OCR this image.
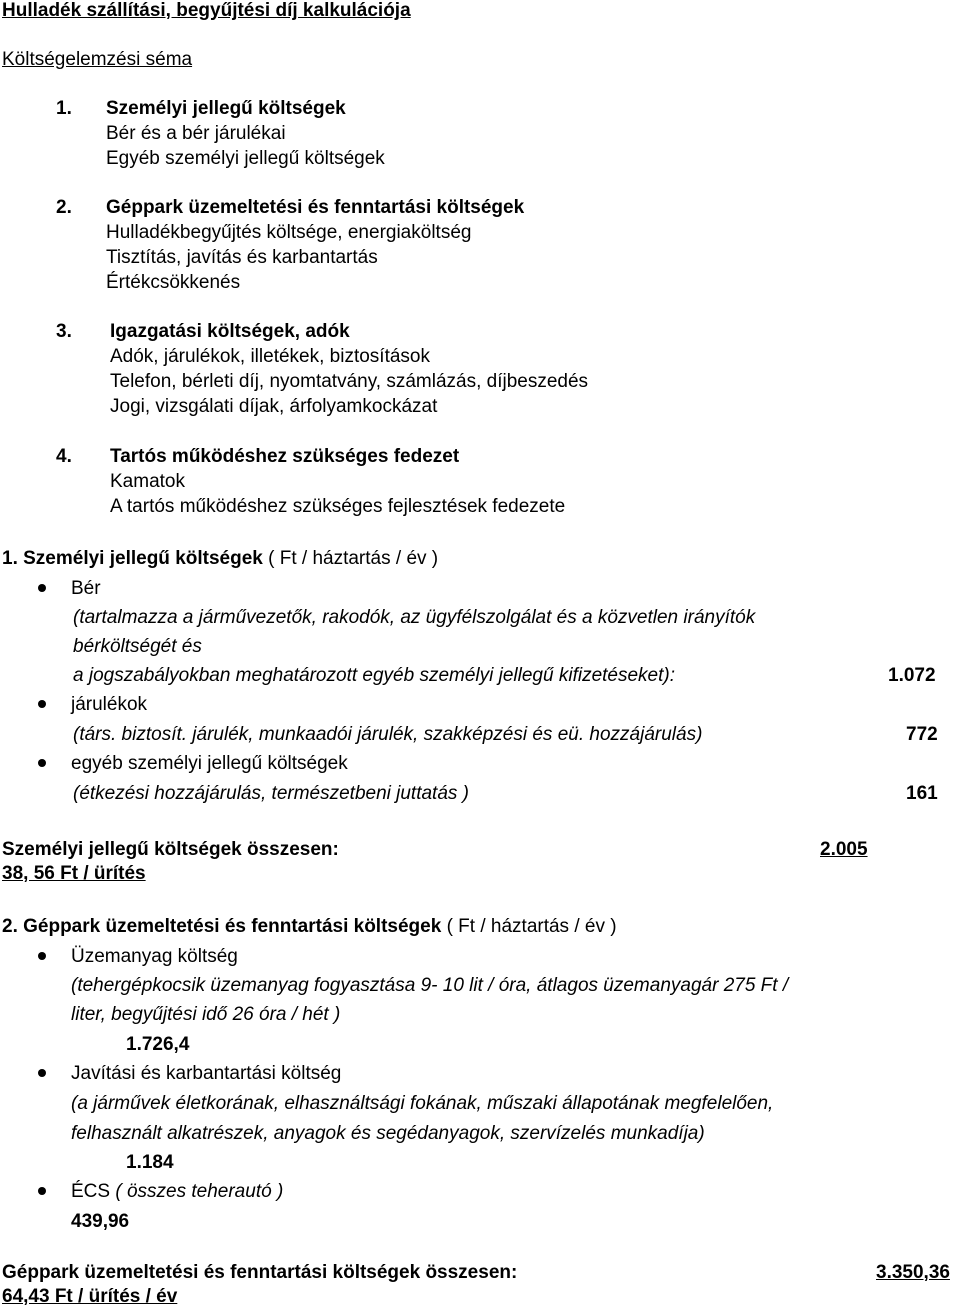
Hulladék szállítási, begyűjtési díj kalkulációja
Költségelemzési séma
1. Személyi jellegű költségek
Bér és a bér járulékai
Egyéb személyi jellegű költségek
2. Géppark üzemeltetési és fenntartási költségek
Hulladékbegyűjtés költsége, energiaköltség
Tisztítás, javítás és karbantartás
Értékcsökkenés
3. Igazgatási költségek, adók
Adók, járulékok, illetékek, biztosítások
Telefon, bérleti díj, nyomtatvány, számlázás, díjbeszedés
Jogi, vizsgálati díjak, árfolyamkockázat
4. Tartós működéshez szükséges fedezet
Kamatok
A tartós működéshez szükséges fejlesztések fedezete
1. Személyi jellegű költségek ( Ft / háztartás / év )
Bér
(tartalmazza a járművezetők, rakodók, az ügyfélszolgálat és a közvetlen irányítók
bérköltségét és
a jogszabályokban meghatározott egyéb személyi jellegű kifizetéseket):	1.072
járulékok
(társ. biztosít. járulék, munkaadói járulék, szakképzési és eü. hozzájárulás)	772
egyéb személyi jellegű költségek
(étkezési hozzájárulás, természetbeni juttatás )	161
Személyi jellegű költségek összesen:	2.005
38, 56 Ft / ürítés
2. Géppark üzemeltetési és fenntartási költségek ( Ft / háztartás / év )
Üzemanyag költség
(tehergépkocsik üzemanyag fogyasztása 9- 10 lit / óra, átlagos üzemanyagár 275 Ft /
liter, begyűjtési idő 26 óra / hét )
1.726,4
Javítási és karbantartási költség
(a járművek életkorának, elhasználtsági fokának, műszaki állapotának megfelelően,
felhasznált alkatrészek, anyagok és segédanyagok, szervízelés munkadíja)
1.184
ÉCS ( összes teherautó )
439,96
Géppark üzemeltetési és fenntartási költségek összesen:	3.350,36
64,43 Ft / ürítés / év
